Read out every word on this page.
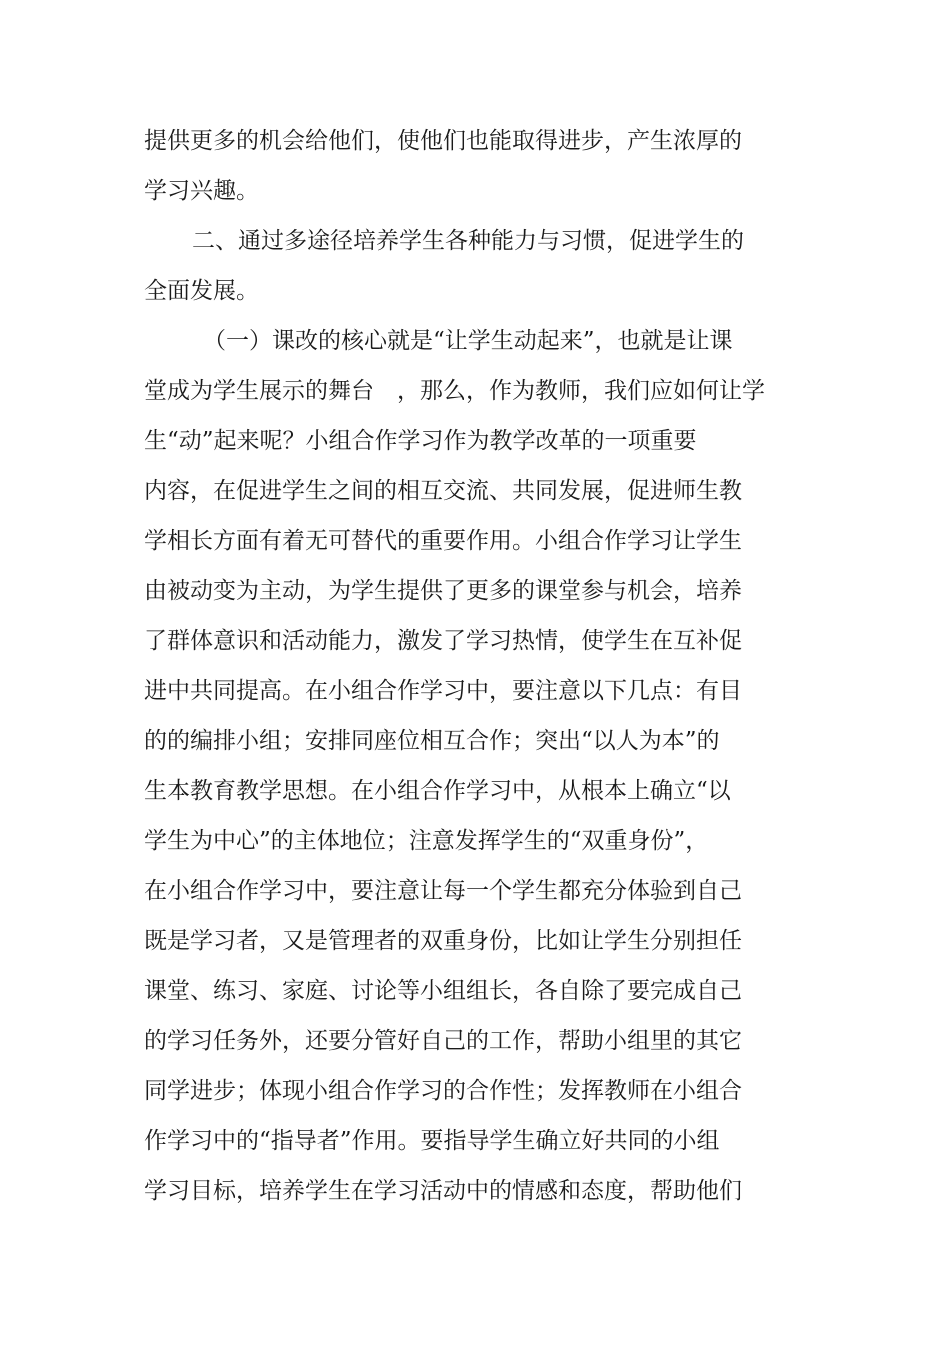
提供更多的机会给他们，使他们也能取得进步，产生浓厚的
学习兴趣。
二、通过多途径培养学生各种能力与习惯，促进学生的
全面发展。
（一）课改的核心就是“让学生动起来”，也就是让课
堂成为学生展示的舞台　，那么，作为教师，我们应如何让学
生“动”起来呢？小组合作学习作为教学改革的一项重要
内容，在促进学生之间的相互交流、共同发展，促进师生教
学相长方面有着无可替代的重要作用。小组合作学习让学生
由被动变为主动，为学生提供了更多的课堂参与机会，培养
了群体意识和活动能力，激发了学习热情，使学生在互补促
进中共同提高。在小组合作学习中，要注意以下几点：有目
的的编排小组；安排同座位相互合作；突出“以人为本”的
生本教育教学思想。在小组合作学习中，从根本上确立“以
学生为中心”的主体地位；注意发挥学生的“双重身份”，
在小组合作学习中，要注意让每一个学生都充分体验到自己
既是学习者，又是管理者的双重身份，比如让学生分别担任
课堂、练习、家庭、讨论等小组组长，各自除了要完成自己
的学习任务外，还要分管好自己的工作，帮助小组里的其它
同学进步；体现小组合作学习的合作性；发挥教师在小组合
作学习中的“指导者”作用。要指导学生确立好共同的小组
学习目标，培养学生在学习活动中的情感和态度，帮助他们
